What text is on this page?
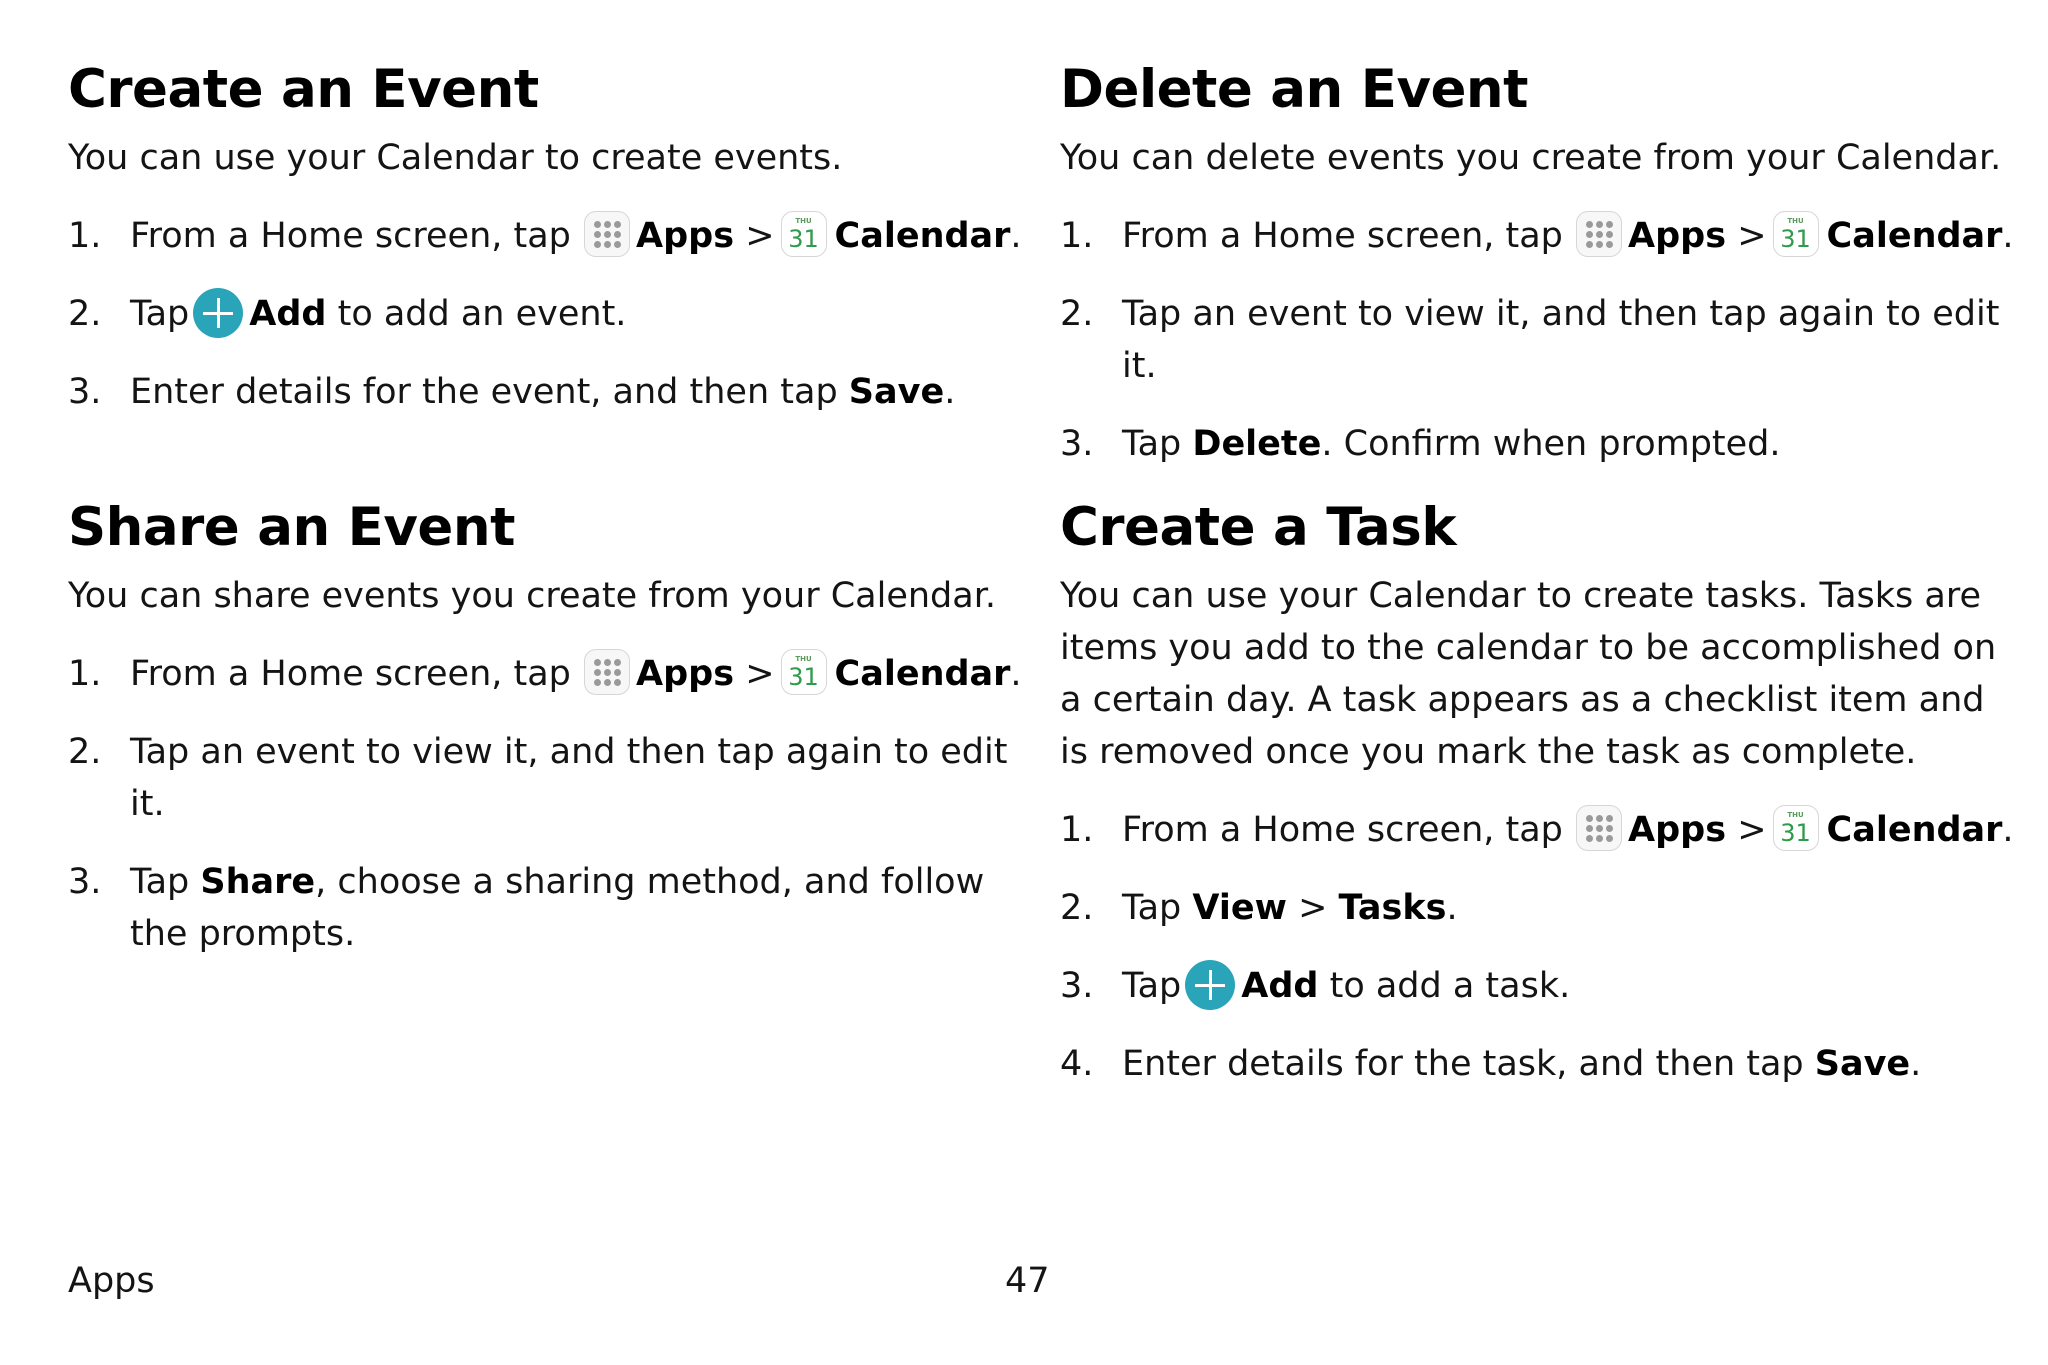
Create an Event

You can use your Calendar to create events.

1. From a Home screen, tap Apps >	THU
31 Calendar.
2. Tap Add to add an event.
3. Enter details for the event, and then tap Save.
Share an Event

You can share events you create from your Calendar.

1. From a Home screen, tap Apps >	THU
31 Calendar.
2. Tap an event to view it, and then tap again to edit it.
3. Tap Share, choose a sharing method, and follow the prompts.
Delete an Event

You can delete events you create from your Calendar.

1. From a Home screen, tap Apps >	THU
31 Calendar.
2. Tap an event to view it, and then tap again to edit it.
3. Tap Delete. Confirm when prompted.
Create a Task

You can use your Calendar to create tasks. Tasks are items you add to the calendar to be accomplished on a certain day. A task appears as a checklist item and is removed once you mark the task as complete.

1. From a Home screen, tap Apps >	THU
31 Calendar.
2. Tap View > Tasks.
3. Tap Add to add a task.
4. Enter details for the task, and then tap Save.
Apps	47
